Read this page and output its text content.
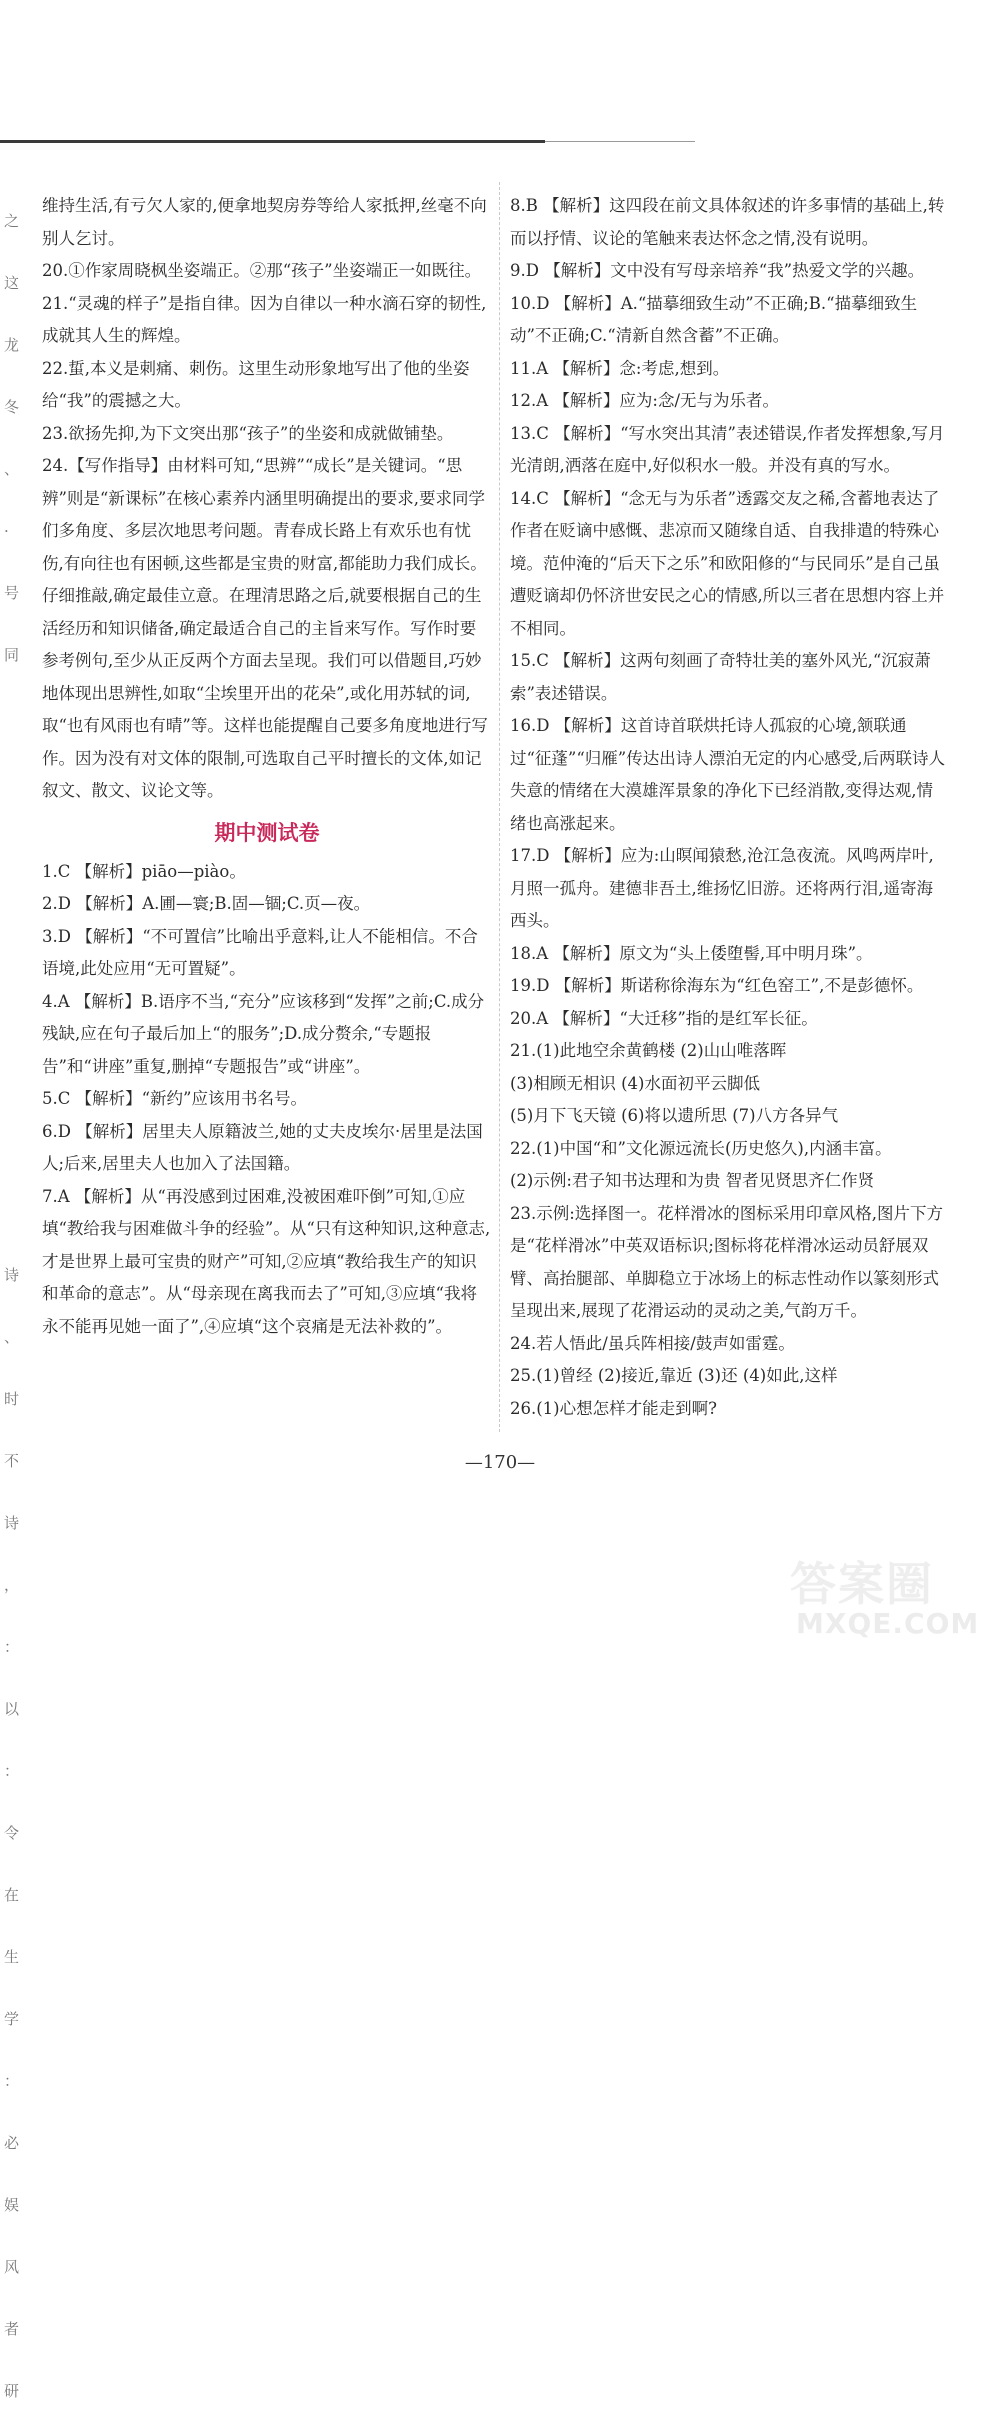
之
这
龙
冬
、
·
号
同

诗
、
时
不
诗
，
：
以
：
令
在
生
学
：
必
娱
风
者
研
维持生活,有亏欠人家的,便拿地契房券等给人家抵押,丝毫不向别人乞讨。
20.①作家周晓枫坐姿端正。②那“孩子”坐姿端正一如既往。
21.“灵魂的样子”是指自律。因为自律以一种水滴石穿的韧性,成就其人生的辉煌。
22.蜇,本义是刺痛、刺伤。这里生动形象地写出了他的坐姿给“我”的震撼之大。
23.欲扬先抑,为下文突出那“孩子”的坐姿和成就做铺垫。
24.【写作指导】由材料可知,“思辨”“成长”是关键词。“思辨”则是“新课标”在核心素养内涵里明确提出的要求,要求同学们多角度、多层次地思考问题。青春成长路上有欢乐也有忧伤,有向往也有困顿,这些都是宝贵的财富,都能助力我们成长。仔细推敲,确定最佳立意。在理清思路之后,就要根据自己的生活经历和知识储备,确定最适合自己的主旨来写作。写作时要参考例句,至少从正反两个方面去呈现。我们可以借题目,巧妙地体现出思辨性,如取“尘埃里开出的花朵”,或化用苏轼的词,取“也有风雨也有晴”等。这样也能提醒自己要多角度地进行写作。因为没有对文体的限制,可选取自己平时擅长的文体,如记叙文、散文、议论文等。
期中测试卷
1.C 【解析】piāo—piào。
2.D 【解析】A.圃—寰;B.固—锢;C.页—夜。
3.D 【解析】“不可置信”比喻出乎意料,让人不能相信。不合语境,此处应用“无可置疑”。
4.A 【解析】B.语序不当,“充分”应该移到“发挥”之前;C.成分残缺,应在句子最后加上“的服务”;D.成分赘余,“专题报告”和“讲座”重复,删掉“专题报告”或“讲座”。
5.C 【解析】“新约”应该用书名号。
6.D 【解析】居里夫人原籍波兰,她的丈夫皮埃尔·居里是法国人;后来,居里夫人也加入了法国籍。
7.A 【解析】从“再没感到过困难,没被困难吓倒”可知,①应填“教给我与困难做斗争的经验”。从“只有这种知识,这种意志,才是世界上最可宝贵的财产”可知,②应填“教给我生产的知识和革命的意志”。从“母亲现在离我而去了”可知,③应填“我将永不能再见她一面了”,④应填“这个哀痛是无法补救的”。
8.B 【解析】这四段在前文具体叙述的许多事情的基础上,转而以抒情、议论的笔触来表达怀念之情,没有说明。
9.D 【解析】文中没有写母亲培养“我”热爱文学的兴趣。
10.D 【解析】A.“描摹细致生动”不正确;B.“描摹细致生动”不正确;C.“清新自然含蓄”不正确。
11.A 【解析】念:考虑,想到。
12.A 【解析】应为:念/无与为乐者。
13.C 【解析】“写水突出其清”表述错误,作者发挥想象,写月光清朗,洒落在庭中,好似积水一般。并没有真的写水。
14.C 【解析】“念无与为乐者”透露交友之稀,含蓄地表达了作者在贬谪中感慨、悲凉而又随缘自适、自我排遣的特殊心境。范仲淹的“后天下之乐”和欧阳修的“与民同乐”是自己虽遭贬谪却仍怀济世安民之心的情感,所以三者在思想内容上并不相同。
15.C 【解析】这两句刻画了奇特壮美的塞外风光,“沉寂萧索”表述错误。
16.D 【解析】这首诗首联烘托诗人孤寂的心境,颔联通过“征蓬”“归雁”传达出诗人漂泊无定的内心感受,后两联诗人失意的情绪在大漠雄浑景象的净化下已经消散,变得达观,情绪也高涨起来。
17.D 【解析】应为:山暝闻猿愁,沧江急夜流。风鸣两岸叶,月照一孤舟。建德非吾土,维扬忆旧游。还将两行泪,遥寄海西头。
18.A 【解析】原文为“头上倭堕髻,耳中明月珠”。
19.D 【解析】斯诺称徐海东为“红色窑工”,不是彭德怀。
20.A 【解析】“大迁移”指的是红军长征。
21.(1)此地空余黄鹤楼 (2)山山唯落晖
(3)相顾无相识 (4)水面初平云脚低
(5)月下飞天镜 (6)将以遗所思 (7)八方各异气
22.(1)中国“和”文化源远流长(历史悠久),内涵丰富。
(2)示例:君子知书达理和为贵 智者见贤思齐仁作贤
23.示例:选择图一。花样滑冰的图标采用印章风格,图片下方是“花样滑冰”中英双语标识;图标将花样滑冰运动员舒展双臂、高抬腿部、单脚稳立于冰场上的标志性动作以篆刻形式呈现出来,展现了花滑运动的灵动之美,气韵万千。
24.若人悟此/虽兵阵相接/鼓声如雷霆。
25.(1)曾经 (2)接近,靠近 (3)还 (4)如此,这样
26.(1)心想怎样才能走到啊?
—170—
答案圈
MXQE.COM
